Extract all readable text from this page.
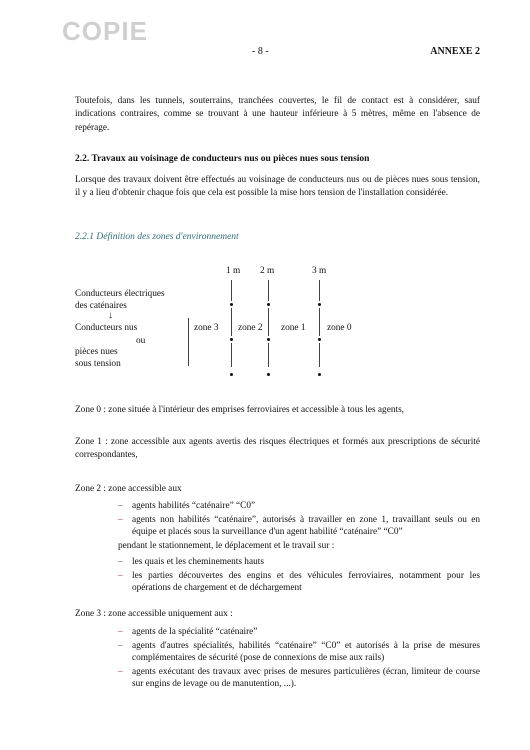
COPIE
- 8 -	ANNEXE 2
Toutefois, dans les tunnels, souterrains, tranchées couvertes, le fil de contact est à considérer, sauf indications contraires, comme se trouvant à une hauteur inférieure à 5 mètres, même en l'absence de repérage.
2.2. Travaux au voisinage de conducteurs nus ou pièces nues sous tension
Lorsque des travaux doivent être effectués au voisinage de conducteurs nus ou de pièces nues sous tension, il y a lieu d'obtenir chaque fois que cela est possible la mise hors tension de l'installation considérée.
2.2.1 Définition des zones d'environnement
1 m 2 m	3 m
Conducteurs électriques
des caténaires
↓
Conducteurs nus
ou
pièces nues
sous tension
zone 3 zone 2 zone 1 zone 0
Zone 0 : zone située à l'intérieur des emprises ferroviaires et accessible à tous les agents,
Zone 1 : zone accessible aux agents avertis des risques électriques et formés aux prescriptions de sécurité correspondantes,
Zone 2 : zone accessible aux
– agents habilités “caténaire” “C0”
– agents non habilités “caténaire”, autorisés à travailler en zone 1, travaillant seuls ou en équipe et placés sous la surveillance d'un agent habilité “caténaire” “C0”
pendant le stationnement, le déplacement et le travail sur :
– les quais et les cheminements hauts
– les parties découvertes des engins et des véhicules ferroviaires, notamment pour les opérations de chargement et de déchargement
Zone 3 : zone accessible uniquement aux :
– agents de la spécialité “caténaire”
– agents d'autres spécialités, habilités “caténaire” “C0” et autorisés à la prise de mesures complémentaires de sécurité (pose de connexions de mise aux rails)
– agents exécutant des travaux avec prises de mesures particulières (écran, limiteur de course sur engins de levage ou de manutention, ...).
